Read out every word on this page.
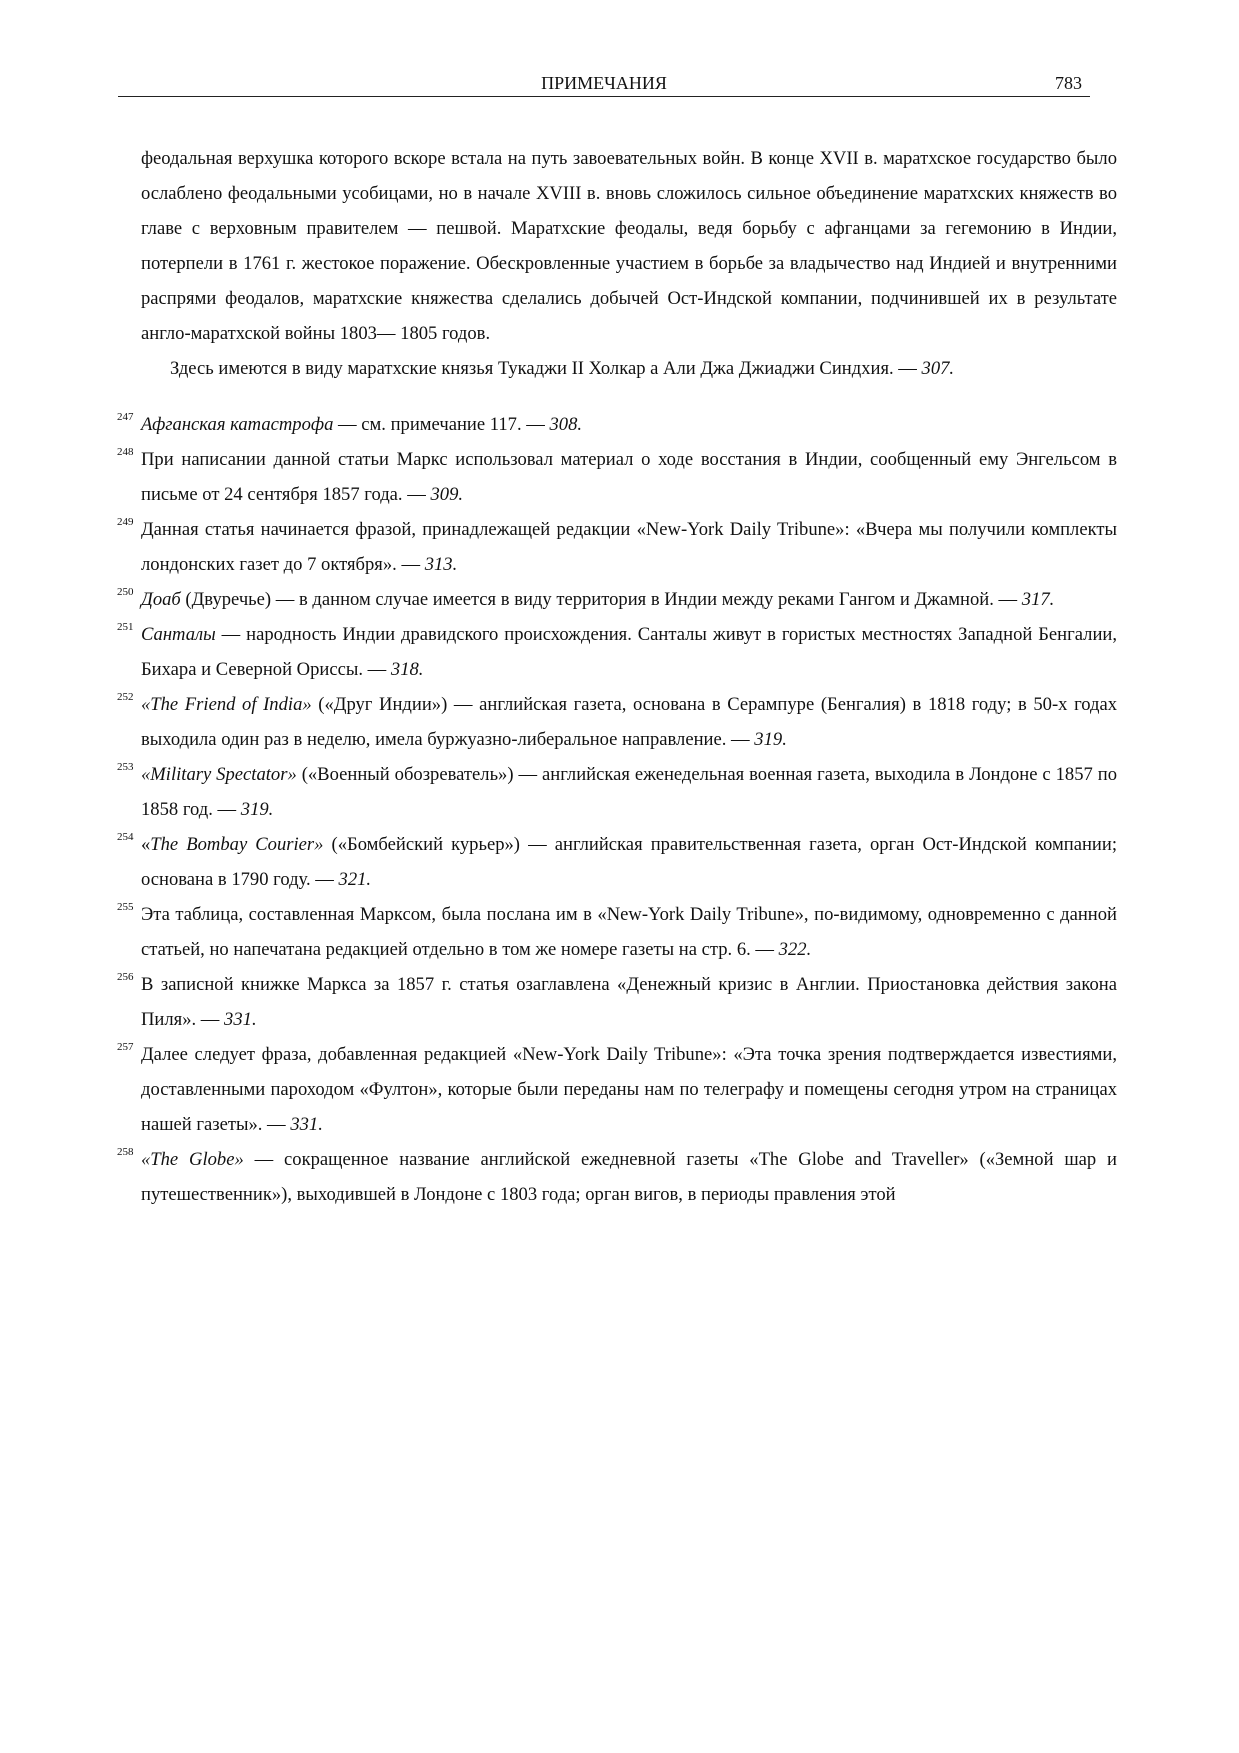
ПРИМЕЧАНИЯ	783

феодальная верхушка которого вскоре встала на путь завоевательных войн. В конце XVII в. маратхское государство было ослаблено феодальными усобицами, но в начале XVIII в. вновь сложилось сильное объединение маратхских княжеств во главе с верховным правителем — пешвой. Маратхские феодалы, ведя борьбу с афганцами за гегемонию в Индии, потерпели в 1761 г. жестокое поражение. Обескровленные участием в борьбе за владычество над Индией и внутренними распрями феодалов, маратхские княжества сделались добычей Ост-Индской компании, подчинившей их в результате англо-маратхской войны 1803— 1805 годов.

Здесь имеются в виду маратхские князья Тукаджи II Холкар а Али Джа Джиаджи Синдхия. — 307.

247 Афганская катастрофа — см. примечание 117. — 308.

248 При написании данной статьи Маркс использовал материал о ходе восстания в Индии, сообщенный ему Энгельсом в письме от 24 сентября 1857 года. — 309.

249 Данная статья начинается фразой, принадлежащей редакции «New-York Daily Tribune»: «Вчера мы получили комплекты лондонских газет до 7 октября». — 313.

250 Доаб (Двуречье) — в данном случае имеется в виду территория в Индии между реками Гангом и Джамной. — 317.

251 Санталы — народность Индии дравидского происхождения. Санталы живут в гористых местностях Западной Бенгалии, Бихара и Северной Ориссы. — 318.

252 «The Friend of India» («Друг Индии») — английская газета, основана в Серампуре (Бенгалия) в 1818 году; в 50-х годах выходила один раз в неделю, имела буржуазно-либеральное направление. — 319.

253 «Military Spectator» («Военный обозреватель») — английская еженедельная военная газета, выходила в Лондоне с 1857 по 1858 год. — 319.

254 «The Bombay Courier» («Бомбейский курьер») — английская правительственная газета, орган Ост-Индской компании; основана в 1790 году. — 321.

255 Эта таблица, составленная Марксом, была послана им в «New-York Daily Tribune», по-видимому, одновременно с данной статьей, но напечатана редакцией отдельно в том же номере газеты на стр. 6. — 322.

256 В записной книжке Маркса за 1857 г. статья озаглавлена «Денежный кризис в Англии. Приостановка действия закона Пиля». — 331.

257 Далее следует фраза, добавленная редакцией «New-York Daily Tribune»: «Эта точка зрения подтверждается известиями, доставленными пароходом «Фултон», которые были переданы нам по телеграфу и помещены сегодня утром на страницах нашей газеты». — 331.

258 «The Globe» — сокращенное название английской ежедневной газеты «The Globe and Traveller» («Земной шар и путешественник»), выходившей в Лондоне с 1803 года; орган вигов, в периоды правления этой
